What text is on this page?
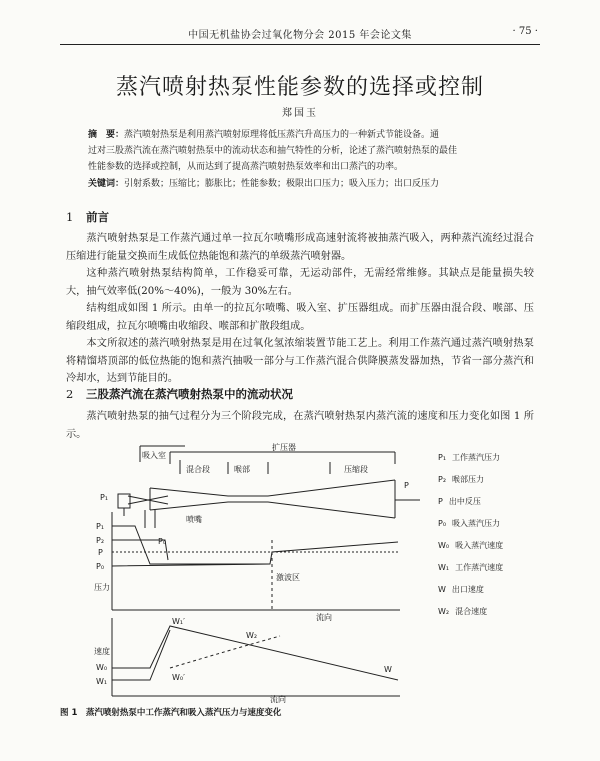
中国无机盐协会过氧化物分会 2015 年会论文集	· 75 ·
蒸汽喷射热泵性能参数的选择或控制
郑国玉
摘　要：蒸汽喷射热泵是利用蒸汽喷射原理将低压蒸汽升高压力的一种新式节能设备。通
过对三股蒸汽流在蒸汽喷射热泵中的流动状态和抽气特性的分析，论述了蒸汽喷射热泵的最佳
性能参数的选择或控制，从而达到了提高蒸汽喷射热泵效率和出口蒸汽的功率。
关键词：引射系数；压缩比；膨胀比；性能参数；极限出口压力；吸入压力；出口反压力
1 前言
蒸汽喷射热泵是工作蒸汽通过单一拉瓦尔喷嘴形成高速射流将被抽蒸汽吸入，两种蒸汽流经过混合压缩进行能量交换而生成低位热能饱和蒸汽的单级蒸汽喷射器。
这种蒸汽喷射热泵结构简单，工作稳妥可靠，无运动部件，无需经常维修。其缺点是能量损失较大，抽气效率低(20%～40%)，一般为 30%左右。
结构组成如图 1 所示。由单一的拉瓦尔喷嘴、吸入室、扩压器组成。而扩压器由混合段、喉部、压缩段组成，拉瓦尔喷嘴由收缩段、喉部和扩散段组成。
本文所叙述的蒸汽喷射热泵是用在过氧化氢浓缩装置节能工艺上。利用工作蒸汽通过蒸汽喷射热泵将精馏塔顶部的低位热能的饱和蒸汽抽吸一部分与工作蒸汽混合供降膜蒸发器加热，节省一部分蒸汽和冷却水，达到节能目的。
2 三股蒸汽流在蒸汽喷射热泵中的流动状况
蒸汽喷射热泵的抽气过程分为三个阶段完成，在蒸汽喷射热泵内蒸汽流的速度和压力变化如图 1 所示。
吸入室
扩压器
混合段	喉部	压缩段
喷嘴
P₁
P
P₁
P₂
P
P₀
P₀
激波区
压力
流向
速度
W₁′
W₂
W
W₀
W₁	W₀′
流向
P₁ 工作蒸汽压力
P₂ 喉部压力
P 出中反压
P₀ 吸入蒸汽压力
W₀ 吸入蒸汽速度
W₁ 工作蒸汽速度
W 出口速度
W₂ 混合速度
图 1　蒸汽喷射热泵中工作蒸汽和吸入蒸汽压力与速度变化
